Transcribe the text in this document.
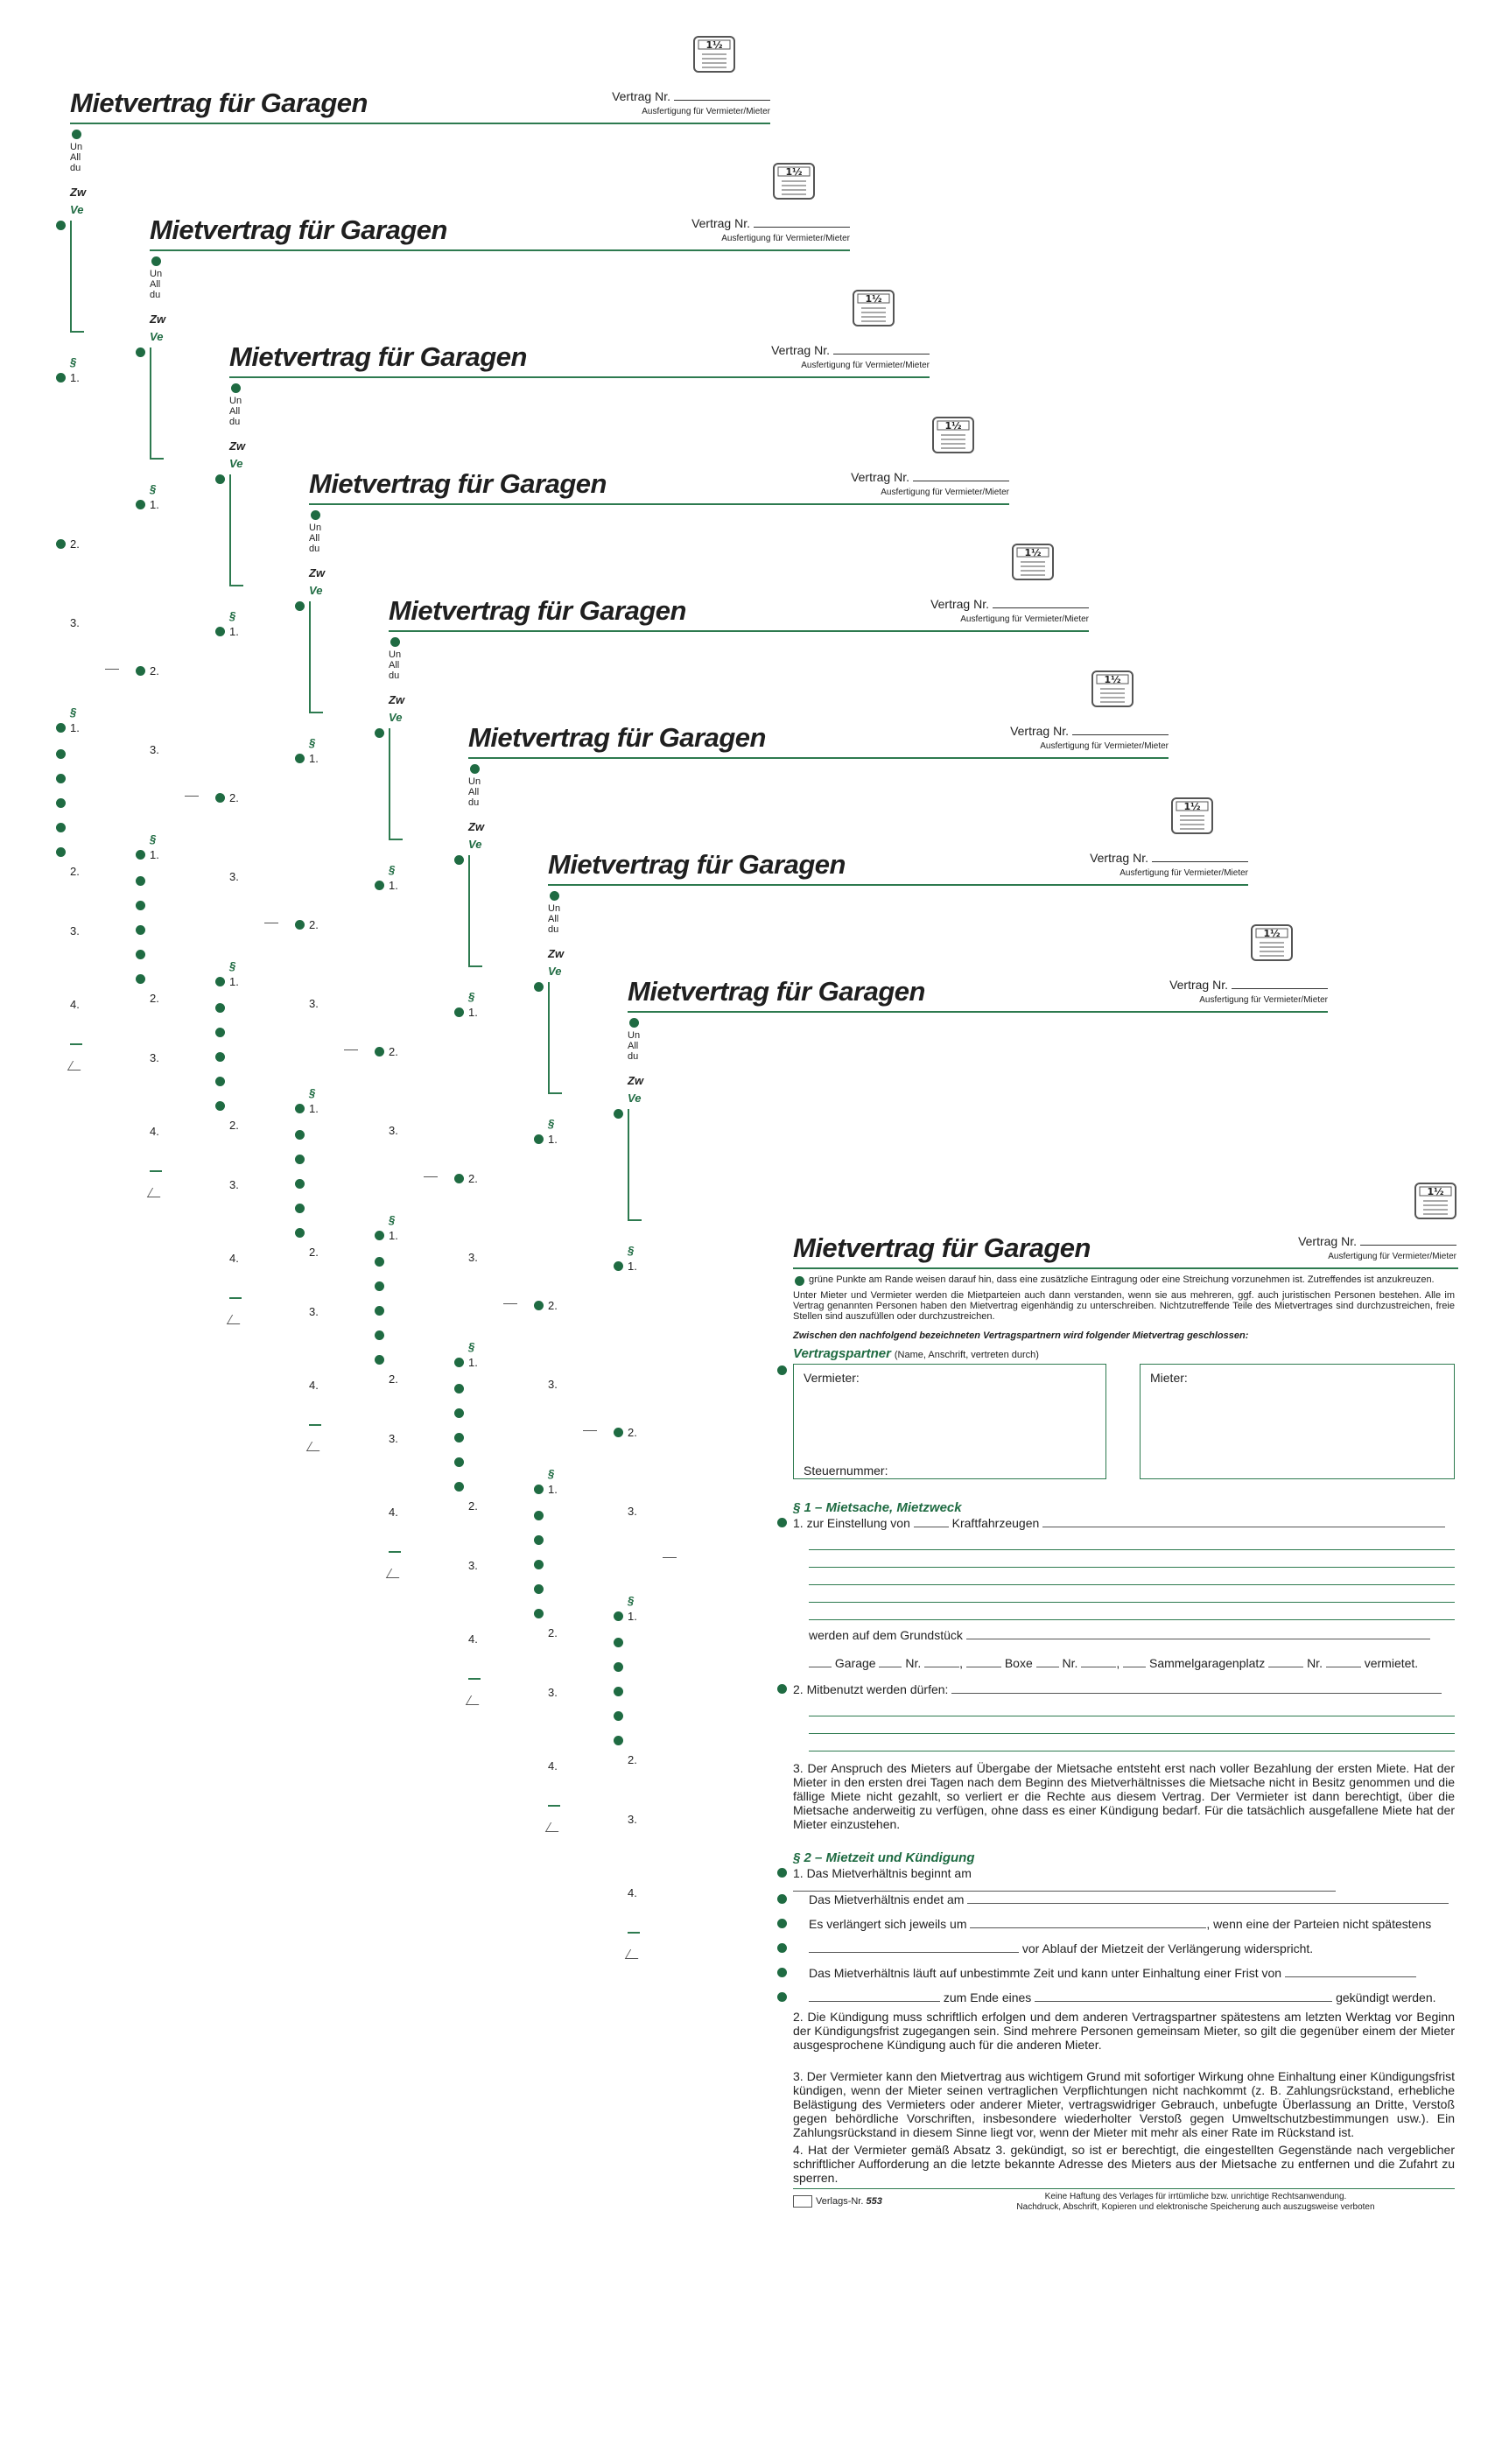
1½
Mietvertrag für Garagen	Vertrag Nr.
Ausfertigung für Vermieter/Mieter
Un
All
du
Zw
Ve
§
1.
2.
3.
§
1.
2.
3.
4.
1½
Mietvertrag für Garagen	Vertrag Nr.
Ausfertigung für Vermieter/Mieter
Un
All
du
Zw
Ve
§
1.
2.
3.
§
1.
2.
3.
4.
1½
Mietvertrag für Garagen	Vertrag Nr.
Ausfertigung für Vermieter/Mieter
Un
All
du
Zw
Ve
§
1.
2.
3.
§
1.
2.
3.
4.
1½
Mietvertrag für Garagen	Vertrag Nr.
Ausfertigung für Vermieter/Mieter
Un
All
du
Zw
Ve
§
1.
2.
3.
§
1.
2.
3.
4.
1½
Mietvertrag für Garagen	Vertrag Nr.
Ausfertigung für Vermieter/Mieter
Un
All
du
Zw
Ve
§
1.
2.
3.
§
1.
2.
3.
4.
1½
Mietvertrag für Garagen	Vertrag Nr.
Ausfertigung für Vermieter/Mieter
Un
All
du
Zw
Ve
§
1.
2.
3.
§
1.
2.
3.
4.
1½
Mietvertrag für Garagen	Vertrag Nr.
Ausfertigung für Vermieter/Mieter
Un
All
du
Zw
Ve
§
1.
2.
3.
§
1.
2.
3.
4.
1½
Mietvertrag für Garagen	Vertrag Nr.
Ausfertigung für Vermieter/Mieter
Un
All
du
Zw
Ve
§
1.
2.
3.
§
1.
2.
3.
4.
1½
Mietvertrag für Garagen	Vertrag Nr.
Ausfertigung für Vermieter/Mieter
grüne Punkte am Rande weisen darauf hin, dass eine zusätzliche Eintragung oder eine Streichung vorzunehmen ist. Zutreffendes ist anzukreuzen.
Unter Mieter und Vermieter werden die Mietparteien auch dann verstanden, wenn sie aus mehreren, ggf. auch juristischen Personen bestehen. Alle im Vertrag genannten Personen haben den Mietvertrag eigenhändig zu unterschreiben. Nichtzutreffende Teile des Mietvertrages sind durchzustreichen, freie Stellen sind auszufüllen oder durchzustreichen.
Zwischen den nachfolgend bezeichneten Vertragspartnern wird folgender Mietvertrag geschlossen:
Vertragspartner (Name, Anschrift, vertreten durch)
Vermieter:
Steuernummer:
Mieter:
§ 1 – Mietsache, Mietzweck
1. zur Einstellung von	Kraftfahrzeugen
werden auf dem Grundstück
Garage Nr.	,	Boxe Nr.	,  Sammelgaragenplatz	Nr.	vermietet.
2. Mitbenutzt werden dürfen:
3. Der Anspruch des Mieters auf Übergabe der Mietsache entsteht erst nach voller Bezahlung der ersten Miete. Hat der Mieter in den ersten drei Tagen nach dem Beginn des Mietverhältnisses die Mietsache nicht in Besitz genommen und die fällige Miete nicht gezahlt, so verliert er die Rechte aus diesem Vertrag. Der Vermieter ist dann berechtigt, über die Mietsache anderweitig zu verfügen, ohne dass es einer Kündigung bedarf. Für die tatsächlich ausgefallene Miete hat der Mieter einzustehen.
§ 2 – Mietzeit und Kündigung
1. Das Mietverhältnis beginnt am
Das Mietverhältnis endet am
Es verlängert sich jeweils um	, wenn eine der Parteien nicht spätestens
vor Ablauf der Mietzeit der Verlängerung widerspricht.
Das Mietverhältnis läuft auf unbestimmte Zeit und kann unter Einhaltung einer Frist von
zum Ende eines	gekündigt werden.
2. Die Kündigung muss schriftlich erfolgen und dem anderen Vertragspartner spätestens am letzten Werktag vor Beginn der Kündigungsfrist zugegangen sein. Sind mehrere Personen gemeinsam Mieter, so gilt die gegenüber einem der Mieter ausgesprochene Kündigung auch für die anderen Mieter.
3. Der Vermieter kann den Mietvertrag aus wichtigem Grund mit sofortiger Wirkung ohne Einhaltung einer Kündigungsfrist kündigen, wenn der Mieter seinen vertraglichen Verpflichtungen nicht nachkommt (z. B. Zahlungsrückstand, erhebliche Belästigung des Vermieters oder anderer Mieter, vertragswidriger Gebrauch, unbefugte Überlassung an Dritte, Verstoß gegen behördliche Vorschriften, insbesondere wiederholter Verstoß gegen Umweltschutzbestimmungen usw.). Ein Zahlungsrückstand in diesem Sinne liegt vor, wenn der Mieter mit mehr als einer Rate im Rückstand ist.
4. Hat der Vermieter gemäß Absatz 3. gekündigt, so ist er berechtigt, die eingestellten Gegenstände nach vergeblicher schriftlicher Aufforderung an die letzte bekannte Adresse des Mieters aus der Mietsache zu entfernen und die Zufahrt zu sperren.
Verlags-Nr. 553	Keine Haftung des Verlages für irrtümliche bzw. unrichtige Rechtsanwendung.
Nachdruck, Abschrift, Kopieren und elektronische Speicherung auch auszugsweise verboten
